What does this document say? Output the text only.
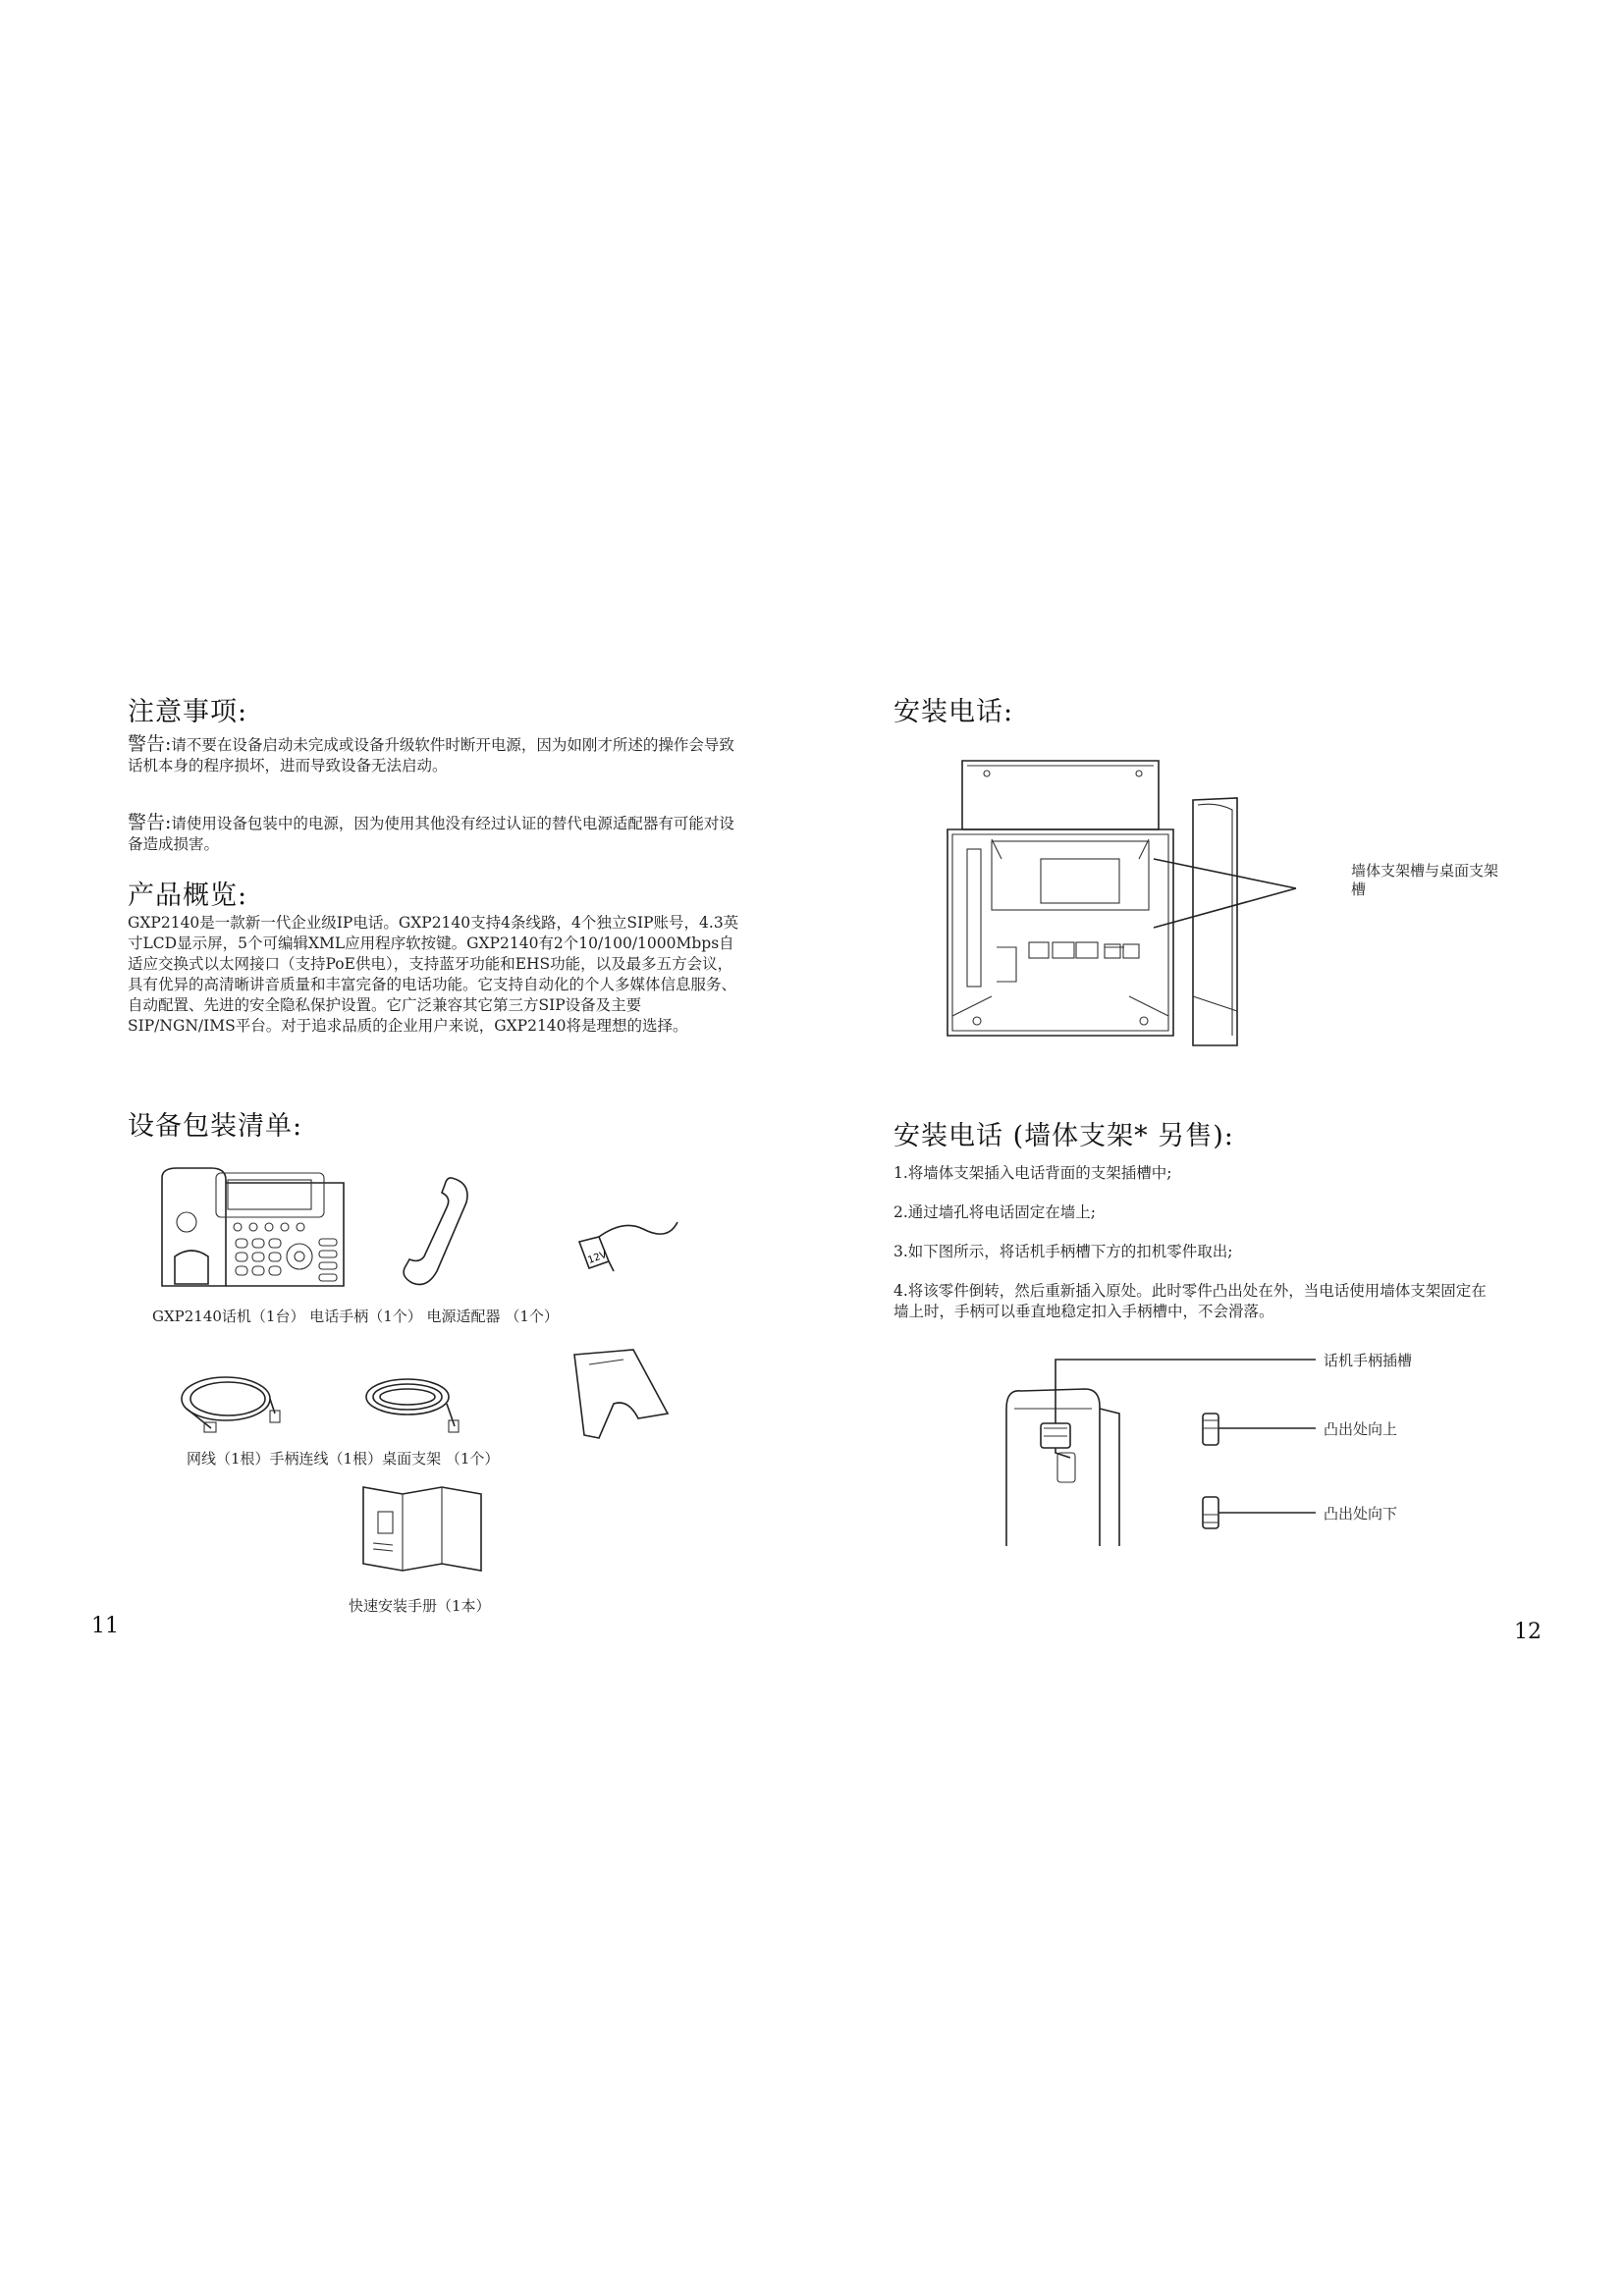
注意事项:

警告:请不要在设备启动未完成或设备升级软件时断开电源，因为如刚才所述的操作会导致话机本身的程序损坏，进而导致设备无法启动。

警告:请使用设备包装中的电源，因为使用其他没有经过认证的替代电源适配器有可能对设备造成损害。

产品概览:

GXP2140是一款新一代企业级IP电话。GXP2140支持4条线路，4个独立SIP账号，4.3英寸LCD显示屏，5个可编辑XML应用程序软按键。GXP2140有2个10/100/1000Mbps自适应交换式以太网接口（支持PoE供电），支持蓝牙功能和EHS功能，以及最多五方会议，具有优异的高清晰讲音质量和丰富完备的电话功能。它支持自动化的个人多媒体信息服务、自动配置、先进的安全隐私保护设置。它广泛兼容其它第三方SIP设备及主要SIP/NGN/IMS平台。对于追求品质的企业用户来说，GXP2140将是理想的选择。

设备包装清单:
12V
GXP2140话机（1台） 电话手柄（1个） 电源适配器 （1个）
网线（1根）手柄连线（1根）桌面支架 （1个）
快速安装手册（1本）
11
安装电话:
墙体支架槽与桌面支架槽
安装电话 (墙体支架* 另售):
1.将墙体支架插入电话背面的支架插槽中;
2.通过墙孔将电话固定在墙上;
3.如下图所示，将话机手柄槽下方的扣机零件取出;
4.将该零件倒转，然后重新插入原处。此时零件凸出处在外，当电话使用墙体支架固定在墙上时，手柄可以垂直地稳定扣入手柄槽中，不会滑落。
话机手柄插槽
凸出处向上
凸出处向下
12
